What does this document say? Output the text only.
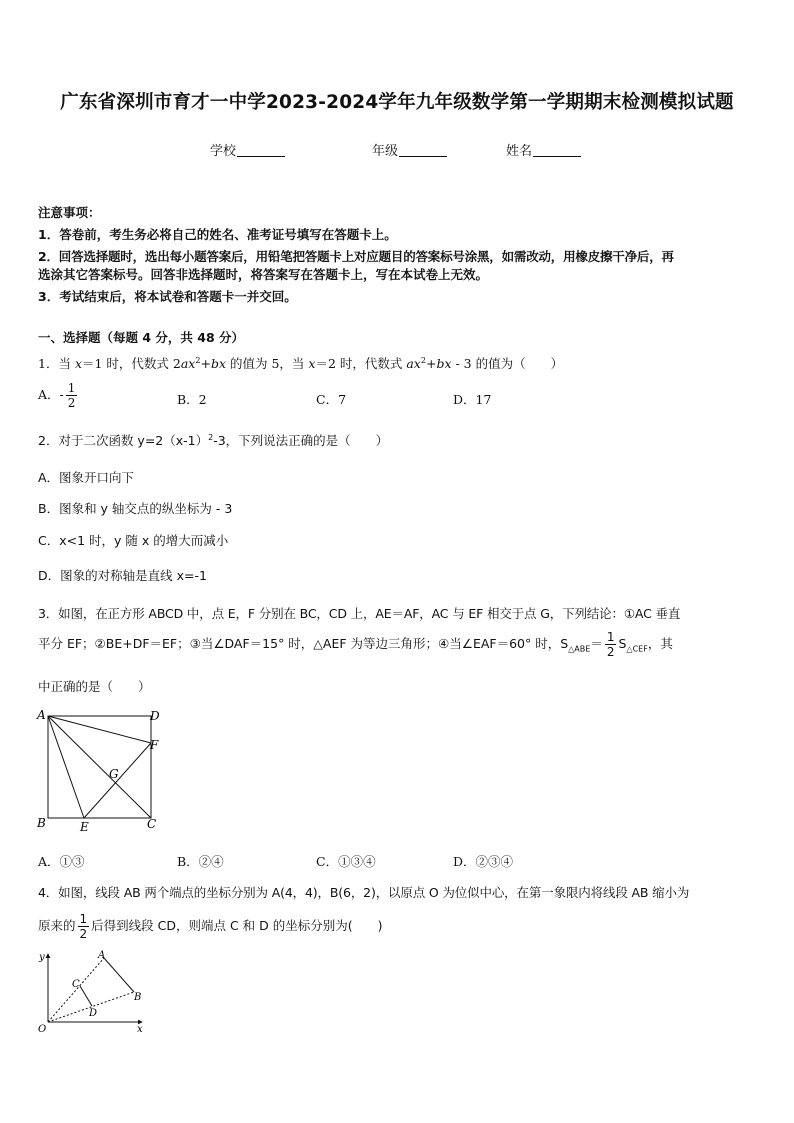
广东省深圳市育才一中学2023-2024学年九年级数学第一学期期末检测模拟试题
学校	年级	姓名
注意事项：
1．答卷前，考生务必将自己的姓名、准考证号填写在答题卡上。
2．回答选择题时，选出每小题答案后，用铅笔把答题卡上对应题目的答案标号涂黑，如需改动，用橡皮擦干净后，再
选涂其它答案标号。回答非选择题时，将答案写在答题卡上，写在本试卷上无效。
3．考试结束后，将本试卷和答题卡一并交回。
一、选择题（每题 4 分，共 48 分）
1．当 x＝1 时，代数式 $2ax^2+bx$ 的值为 5，当 x＝2 时，代数式 $ax^2+bx - 3$ 的值为（　　）
A．- $\frac{1}{2}$	B．2	C．7	D．17
2．对于二次函数 $y=2(x-1)^2-3$，下列说法正确的是（　　）
A．图象开口向下
B．图象和 y 轴交点的纵坐标为 - 3
C．x<1 时，y 随 x 的增大而减小
D．图象的对称轴是直线 x=-1
3．如图，在正方形 ABCD 中，点 E，F 分别在 BC，CD 上，AE＝AF，AC 与 EF 相交于点 G，下列结论：①AC 垂直
平分 EF；②BE+DF＝EF；③当∠DAF＝15° 时，△AEF 为等边三角形；④当∠EAF＝60° 时，$S_{\triangle ABE}= \frac{1}{2} S_{\triangle CEF}$，其
中正确的是（　　）
A	D
F
G
B	E	C
A．①③	B．②④	C．①③④	D．②③④
4．如图，线段 AB 两个端点的坐标分别为 A(4，4)，B(6，2)，以原点 O 为位似中心，在第一象限内将线段 AB 缩小为
原来的 $\frac{1}{2}$ 后得到线段 CD，则端点 C 和 D 的坐标分别为(　　)
y	A
C
B
D
O	x
